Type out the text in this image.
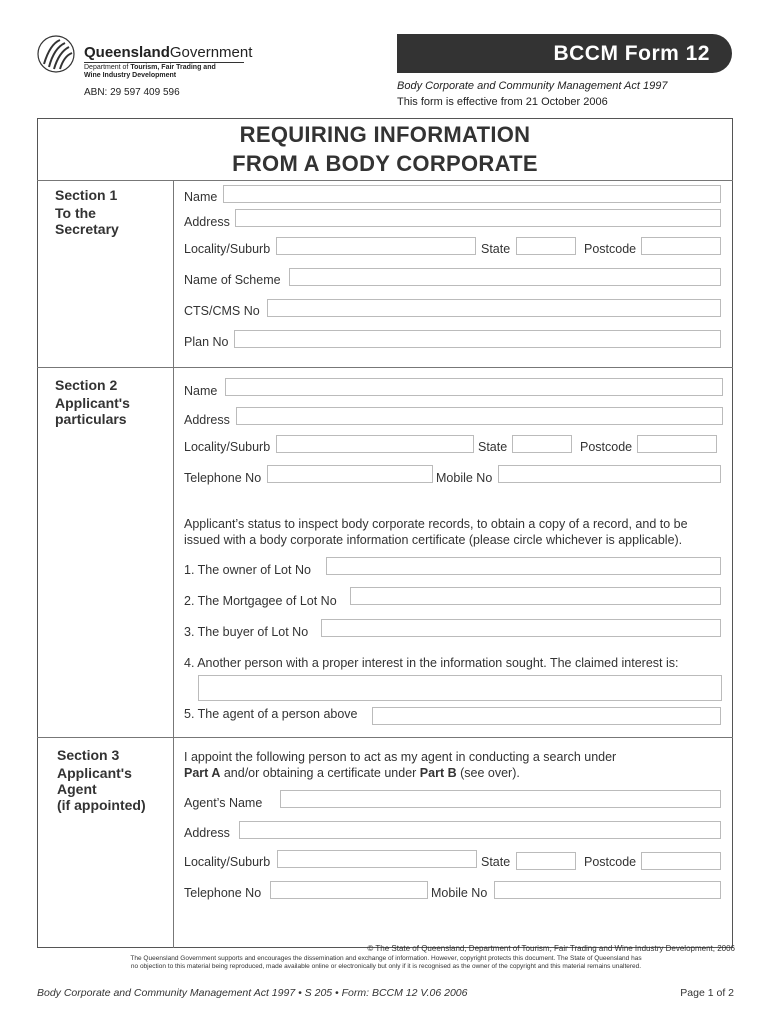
QueenslandGovernment
Department of Tourism, Fair Trading and
Wine Industry Development
ABN: 29 597 409 596
BCCM Form 12
Body Corporate and Community Management Act 1997
This form is effective from 21 October 2006
REQUIRING INFORMATION
FROM A BODY CORPORATE
Section 1
To the
Secretary
Name
Address
Locality/Suburb	State	Postcode
Name of Scheme
CTS/CMS No
Plan No
Section 2
Applicant's
particulars
Name
Address
Locality/Suburb	State	Postcode
Telephone No	Mobile No
Applicant’s status to inspect body corporate records, to obtain a copy of a record, and to be
issued with a body corporate information certificate (please circle whichever is applicable).
1. The owner of Lot No
2. The Mortgagee of Lot No
3. The buyer of Lot No
4. Another person with a proper interest in the information sought. The claimed interest is:
5. The agent of a person above
Section 3
Applicant's
Agent
(if appointed)
I appoint the following person to act as my agent in conducting a search under
Part A and/or obtaining a certificate under Part B (see over).
Agent’s Name
Address
Locality/Suburb	State	Postcode
Telephone No	Mobile No
© The State of Queensland, Department of Tourism, Fair Trading and Wine Industry Development, 2006
The Queensland Government supports and encourages the dissemination and exchange of information. However, copyright protects this document. The State of Queensland has
no objection to this material being reproduced, made available online or electronically but only if it is recognised as the owner of the copyright and this material remains unaltered.
Body Corporate and Community Management Act 1997 • S 205 • Form: BCCM 12 V.06 2006	Page 1 of 2
